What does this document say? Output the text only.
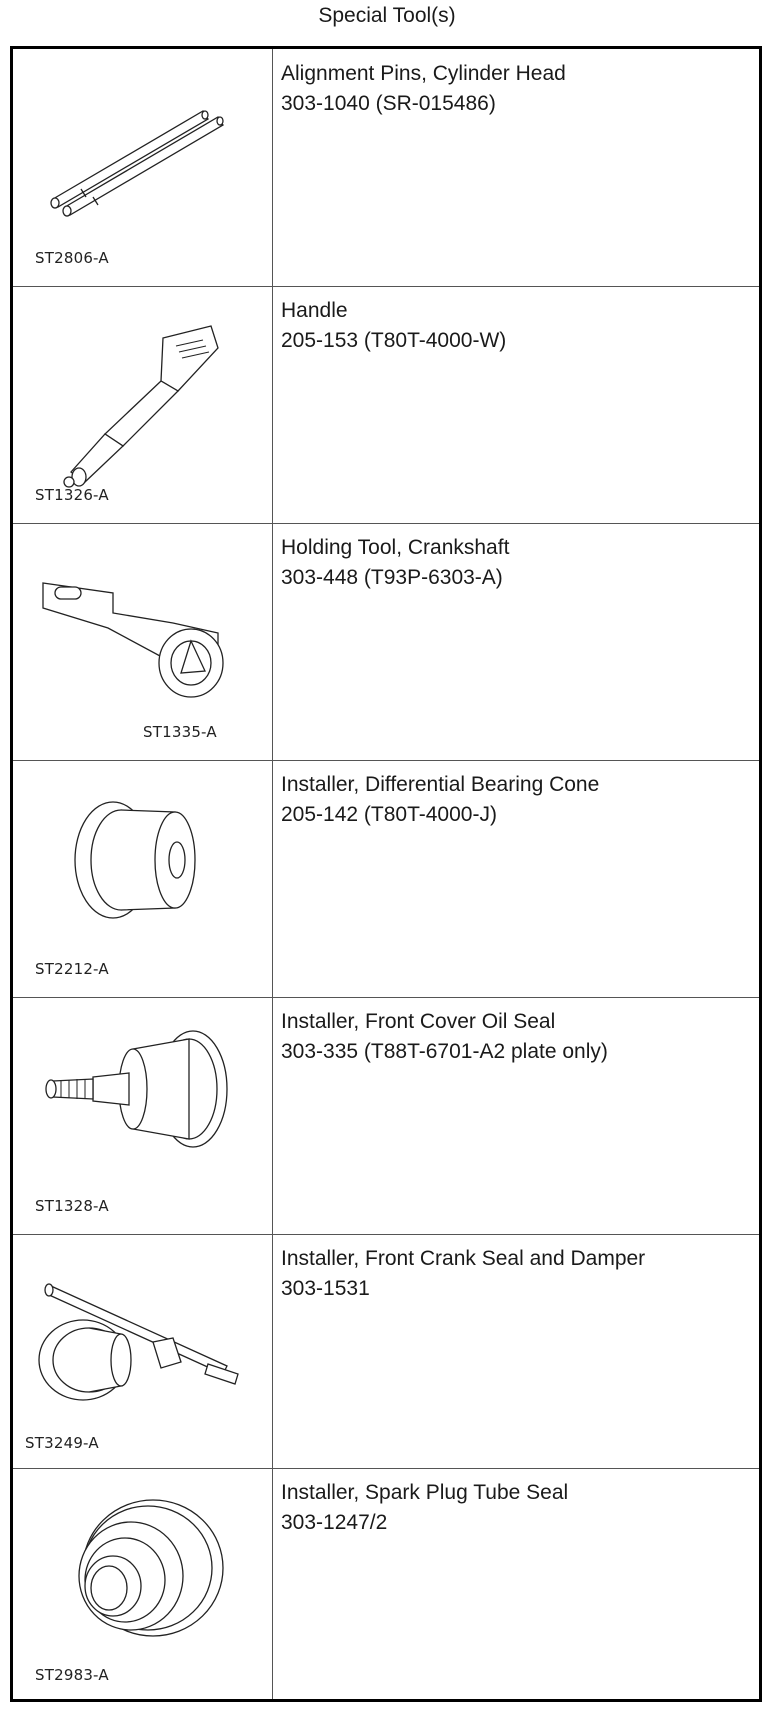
Special Tool(s)
ST2806-A
Alignment Pins, Cylinder Head
303-1040 (SR-015486)
ST1326-A
Handle
205-153 (T80T-4000-W)
ST1335-A
Holding Tool, Crankshaft
303-448 (T93P-6303-A)
ST2212-A
Installer, Differential Bearing Cone
205-142 (T80T-4000-J)
ST1328-A
Installer, Front Cover Oil Seal
303-335 (T88T-6701-A2 plate only)
ST3249-A
Installer, Front Crank Seal and Damper
303-1531
ST2983-A
Installer, Spark Plug Tube Seal
303-1247/2
